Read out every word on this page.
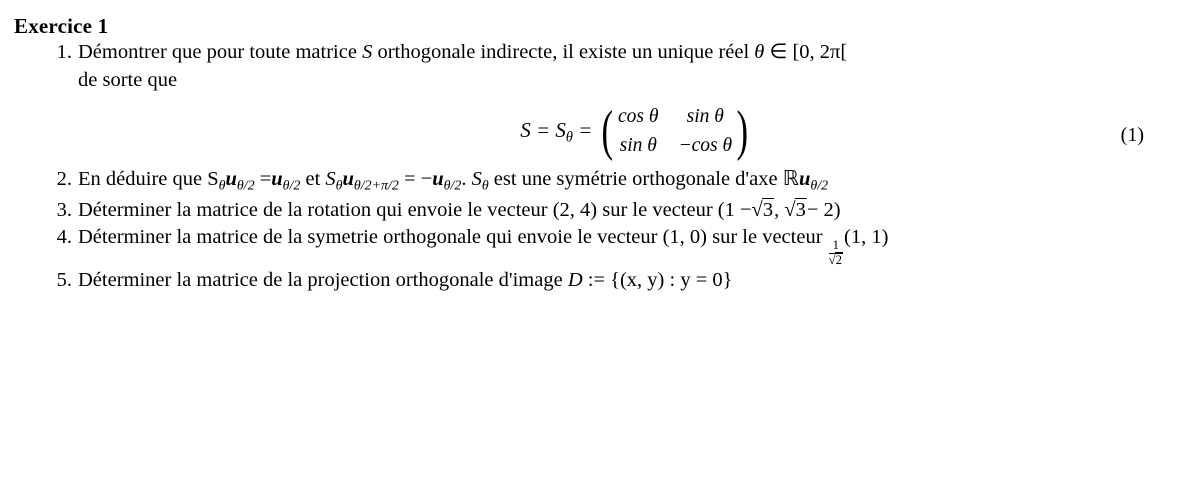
Exercice 1
1. Démontrer que pour toute matrice S orthogonale indirecte, il existe un unique réel θ ∈ [0, 2π[
de sorte que
$S = S_\theta$ = ( cos θ	sin θ
sin θ −cos θ )	(1)
2. En déduire que $S_\theta u_{\theta/2} =u_{\theta/2}$ et $S_\theta u_{\theta/2+\pi/2} = -u_{\theta/2}$. $S_\theta$ est une symétrie orthogonale d'axe ℝu$_{\theta/2}$
3. Déterminer la matrice de la rotation qui envoie le vecteur (2, 4) sur le vecteur (1 −√3, √3− 2)
4. Déterminer la matrice de la symetrie orthogonale qui envoie le vecteur (1, 0) sur le vecteur
$\frac{1}{√2}$
(1, 1)
5. Déterminer la matrice de la projection orthogonale d'image D := {(x, y) : y = 0}
